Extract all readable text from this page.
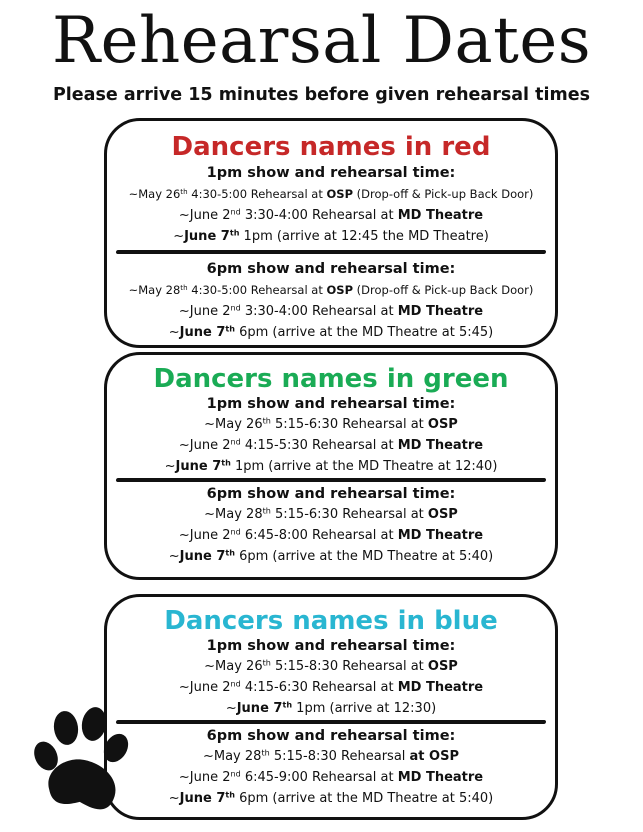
Rehearsal Dates
Please arrive 15 minutes before given rehearsal times
Dancers names in red
1pm show and rehearsal time:
~May 26th 4:30-5:00 Rehearsal at OSP (Drop-off & Pick-up Back Door)
~June 2nd 3:30-4:00 Rehearsal at MD Theatre
~June 7th 1pm (arrive at 12:45 the MD Theatre)
6pm show and rehearsal time:
~May 28th 4:30-5:00 Rehearsal at OSP (Drop-off & Pick-up Back Door)
~June 2nd 3:30-4:00 Rehearsal at MD Theatre
~June 7th 6pm (arrive at the MD Theatre at 5:45)
Dancers names in green
1pm show and rehearsal time:
~May 26th 5:15-6:30 Rehearsal at OSP
~June 2nd 4:15-5:30 Rehearsal at MD Theatre
~June 7th 1pm (arrive at the MD Theatre at 12:40)
6pm show and rehearsal time:
~May 28th 5:15-6:30 Rehearsal at OSP
~June 2nd 6:45-8:00 Rehearsal at MD Theatre
~June 7th 6pm (arrive at the MD Theatre at 5:40)
Dancers names in blue
1pm show and rehearsal time:
~May 26th 5:15-8:30 Rehearsal at OSP
~June 2nd 4:15-6:30 Rehearsal at MD Theatre
~June 7th 1pm (arrive at 12:30)
6pm show and rehearsal time:
~May 28th 5:15-8:30 Rehearsal at OSP
~June 2nd 6:45-9:00 Rehearsal at MD Theatre
~June 7th 6pm (arrive at the MD Theatre at 5:40)
